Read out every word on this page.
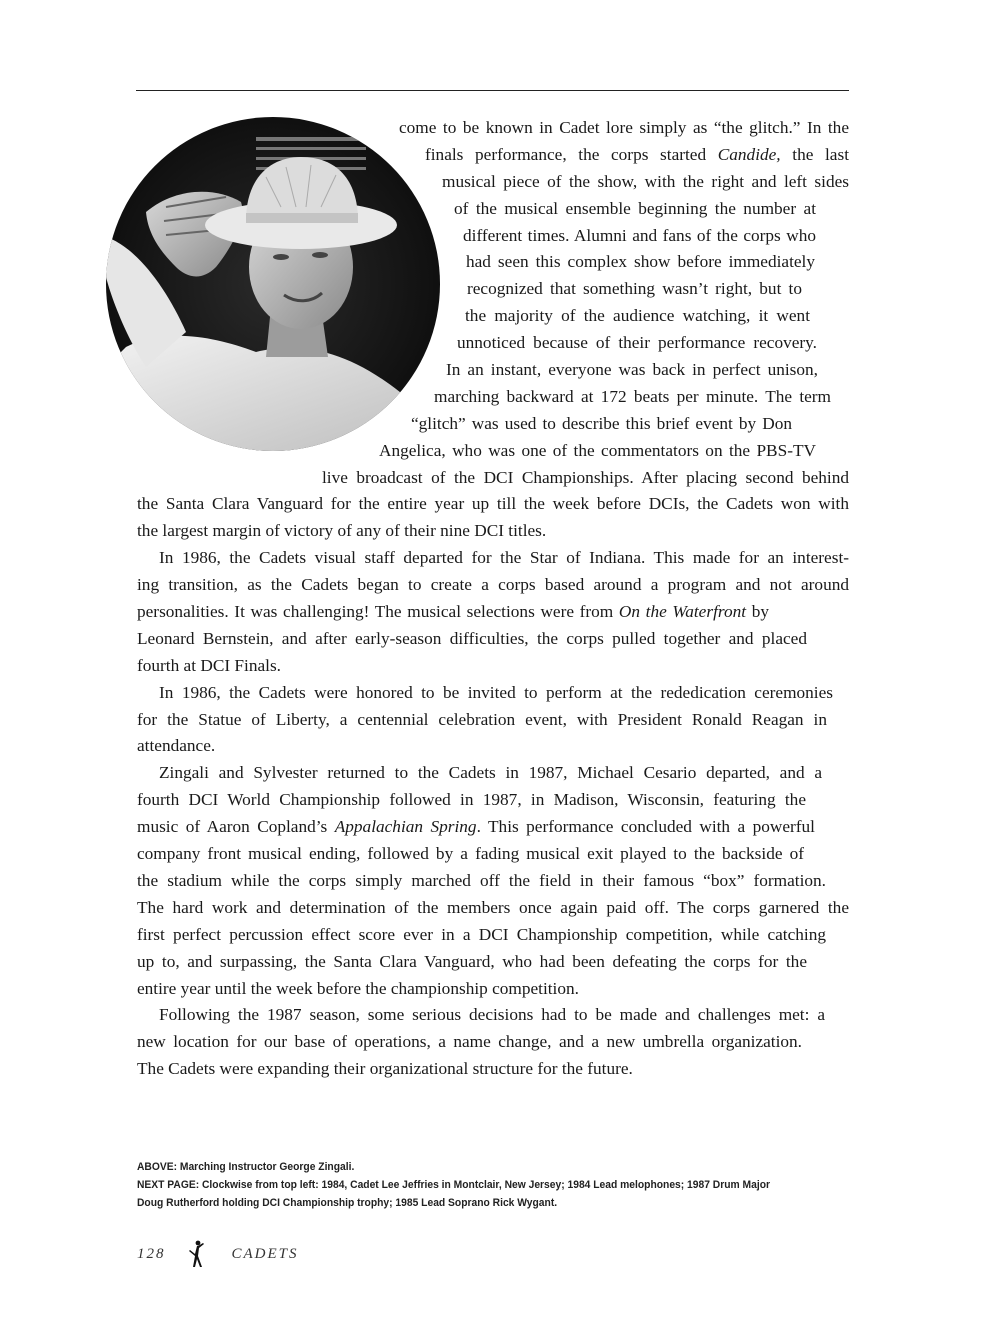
come to be known in Cadet lore simply as “the glitch.” In the
finals performance, the corps started Candide, the last
musical piece of the show, with the right and left sides
of the musical ensemble beginning the number at
different times. Alumni and fans of the corps who
had seen this complex show before immediately
recognized that something wasn’t right, but to
the majority of the audience watching, it went
unnoticed because of their performance recovery.
In an instant, everyone was back in perfect unison,
marching backward at 172 beats per minute. The term
“glitch” was used to describe this brief event by Don
Angelica, who was one of the commentators on the PBS-TV
live broadcast of the DCI Championships. After placing second behind
the Santa Clara Vanguard for the entire year up till the week before DCIs, the Cadets won with
the largest margin of victory of any of their nine DCI titles.
In 1986, the Cadets visual staff departed for the Star of Indiana. This made for an interest-
ing transition, as the Cadets began to create a corps based around a program and not around
personalities. It was challenging! The musical selections were from On the Waterfront by
Leonard Bernstein, and after early-season difficulties, the corps pulled together and placed
fourth at DCI Finals.
In 1986, the Cadets were honored to be invited to perform at the rededication ceremonies
for the Statue of Liberty, a centennial celebration event, with President Ronald Reagan in
attendance.
Zingali and Sylvester returned to the Cadets in 1987, Michael Cesario departed, and a
fourth DCI World Championship followed in 1987, in Madison, Wisconsin, featuring the
music of Aaron Copland’s Appalachian Spring. This performance concluded with a powerful
company front musical ending, followed by a fading musical exit played to the backside of
the stadium while the corps simply marched off the field in their famous “box” formation.
The hard work and determination of the members once again paid off. The corps garnered the
first perfect percussion effect score ever in a DCI Championship competition, while catching
up to, and surpassing, the Santa Clara Vanguard, who had been defeating the corps for the
entire year until the week before the championship competition.
Following the 1987 season, some serious decisions had to be made and challenges met: a
new location for our base of operations, a name change, and a new umbrella organization.
The Cadets were expanding their organizational structure for the future.
ABOVE: Marching Instructor George Zingali.
NEXT PAGE: Clockwise from top left: 1984, Cadet Lee Jeffries in Montclair, New Jersey; 1984 Lead melophones; 1987 Drum Major
Doug Rutherford holding DCI Championship trophy; 1985 Lead Soprano Rick Wygant.
128	CADETS
